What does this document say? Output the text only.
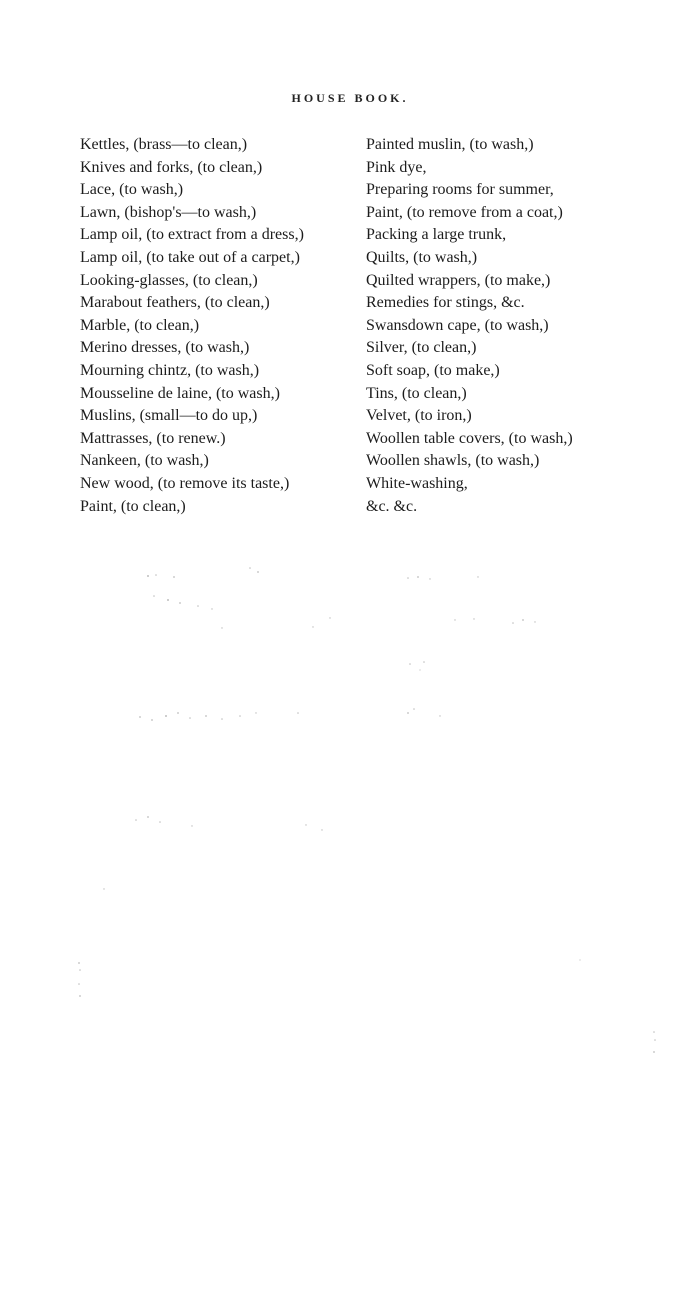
HOUSE BOOK.
Kettles, (brass—to clean,)
Knives and forks, (to clean,)
Lace, (to wash,)
Lawn, (bishop's—to wash,)
Lamp oil, (to extract from a dress,)
Lamp oil, (to take out of a carpet,)
Looking-glasses, (to clean,)
Marabout feathers, (to clean,)
Marble, (to clean,)
Merino dresses, (to wash,)
Mourning chintz, (to wash,)
Mousseline de laine, (to wash,)
Muslins, (small—to do up,)
Mattrasses, (to renew.)
Nankeen, (to wash,)
New wood, (to remove its taste,)
Paint, (to clean,)
Painted muslin, (to wash,)
Pink dye,
Preparing rooms for summer,
Paint, (to remove from a coat,)
Packing a large trunk,
Quilts, (to wash,)
Quilted wrappers, (to make,)
Remedies for stings, &c.
Swansdown cape, (to wash,)
Silver, (to clean,)
Soft soap, (to make,)
Tins, (to clean,)
Velvet, (to iron,)
Woollen table covers, (to wash,)
Woollen shawls, (to wash,)
White-washing,
&c. &c.
